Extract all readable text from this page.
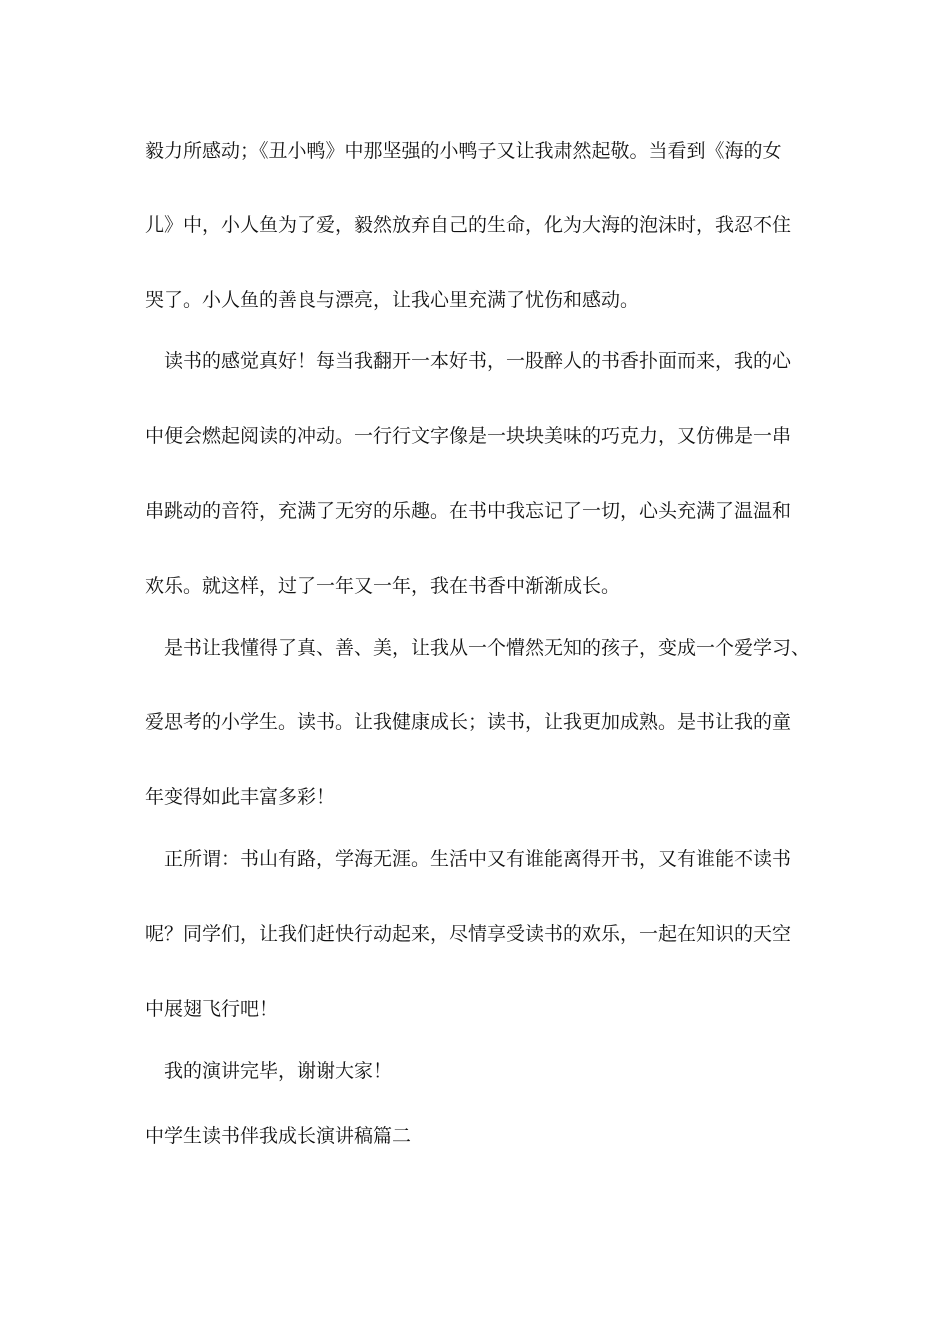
毅力所感动；《丑小鸭》中那坚强的小鸭子又让我肃然起敬。当看到《海的女
儿》中，小人鱼为了爱，毅然放弃自己的生命，化为大海的泡沫时，我忍不住
哭了。小人鱼的善良与漂亮，让我心里充满了忧伤和感动。
读书的感觉真好！每当我翻开一本好书，一股醉人的书香扑面而来，我的心
中便会燃起阅读的冲动。一行行文字像是一块块美味的巧克力，又仿佛是一串
串跳动的音符，充满了无穷的乐趣。在书中我忘记了一切，心头充满了温温和
欢乐。就这样，过了一年又一年，我在书香中渐渐成长。
是书让我懂得了真、善、美，让我从一个懵然无知的孩子，变成一个爱学习、
爱思考的小学生。读书。让我健康成长；读书，让我更加成熟。是书让我的童
年变得如此丰富多彩！
正所谓：书山有路，学海无涯。生活中又有谁能离得开书，又有谁能不读书
呢？同学们，让我们赶快行动起来，尽情享受读书的欢乐，一起在知识的天空
中展翅飞行吧！
我的演讲完毕，谢谢大家！
中学生读书伴我成长演讲稿篇二
